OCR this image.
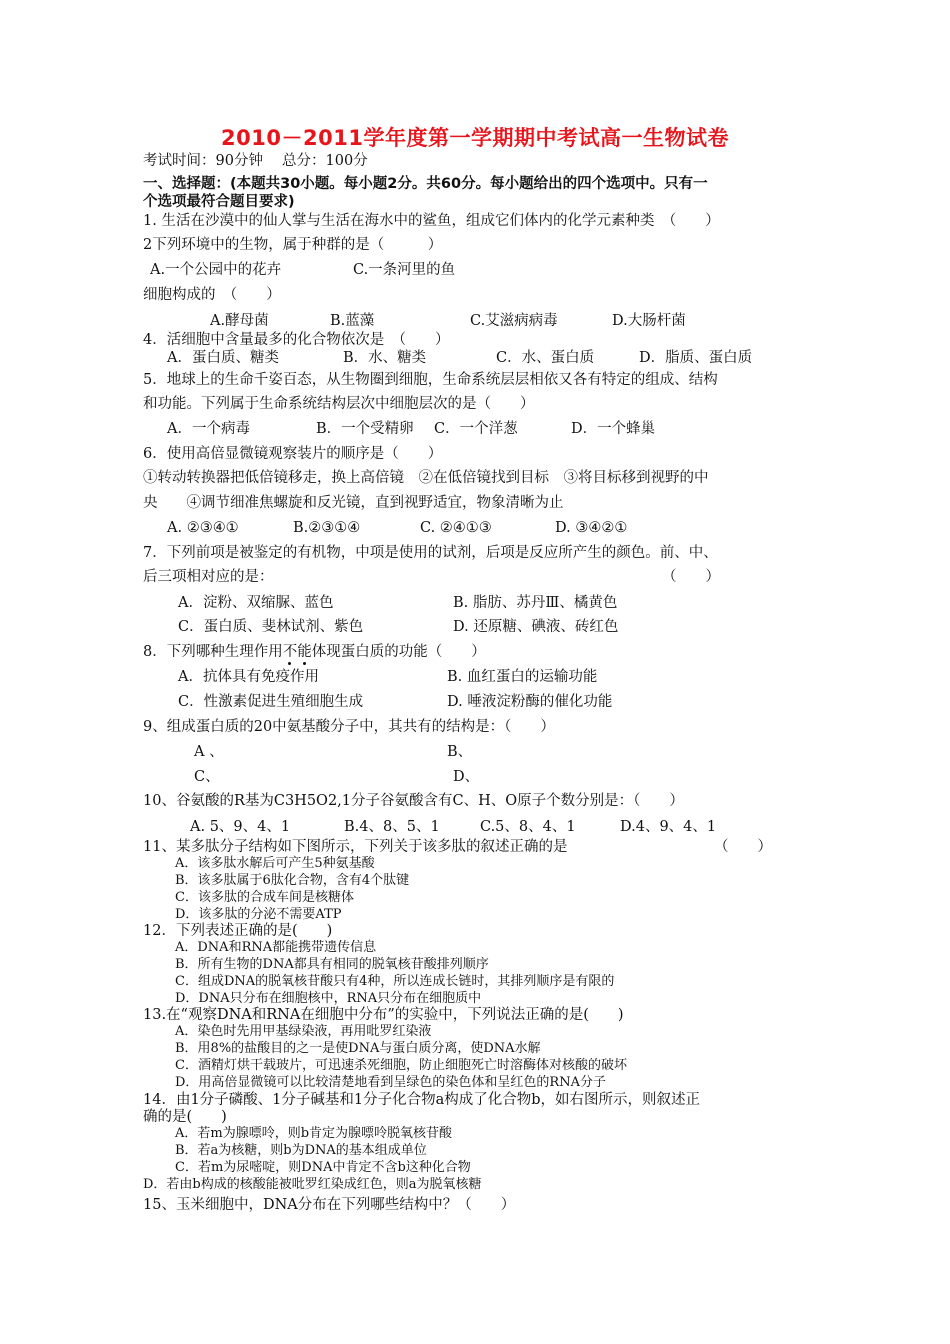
2010－2011学年度第一学期期中考试高一生物试卷
考试时间：90分钟　 总分：100分
一、选择题：(本题共30小题。每小题2分。共60分。每小题给出的四个选项中。只有一
个选项最符合题目要求)
1. 生活在沙漠中的仙人掌与生活在海水中的鲨鱼，组成它们体内的化学元素种类　（　　）
2下列环境中的生物，属于种群的是（　　　）
A.一个公园中的花卉	C.一条河里的鱼
细胞构成的　（　　）
A.酵母菌	B.蓝藻	C.艾滋病病毒	D.大肠杆菌
4．活细胞中含量最多的化合物依次是　（　　）
A．蛋白质、糖类	B．水、糖类	C．水、蛋白质	D．脂质、蛋白质
5．地球上的生命千姿百态，从生物圈到细胞，生命系统层层相依又各有特定的组成、结构
和功能。下列属于生命系统结构层次中细胞层次的是（　　）
A．一个病毒	B．一个受精卵 C．一个洋葱	D．一个蜂巢
6．使用高倍显微镜观察装片的顺序是（　　）
①转动转换器把低倍镜移走，换上高倍镜　②在低倍镜找到目标　③将目标移到视野的中
央　　④调节细准焦螺旋和反光镜，直到视野适宜，物象清晰为止
A. ②③④①	B.②③①④	C. ②④①③	D. ③④②①
7．下列前项是被鉴定的有机物，中项是使用的试剂，后项是反应所产生的颜色。前、中、
后三项相对应的是：	（　　）
A．淀粉、双缩脲、蓝色	B. 脂肪、苏丹Ⅲ、橘黄色
C．蛋白质、斐林试剂、紫色	D. 还原糖、碘液、砖红色
8．下列哪种生理作用不能体现蛋白质的功能（　　）
A．抗体具有免疫作用	B. 血红蛋白的运输功能
C．性激素促进生殖细胞生成	D. 唾液淀粉酶的催化功能
9、组成蛋白质的20中氨基酸分子中，其共有的结构是：（　　）
A 、	B、
C、	D、
10、谷氨酸的R基为C3H5O2,1分子谷氨酸含有C、H、O原子个数分别是：（　　）
A. 5、9、4、1	B.4、8、5、1	C.5、8、4、1	D.4、9、4、1
11、某多肽分子结构如下图所示，下列关于该多肽的叙述正确的是	（　　）
A．该多肽水解后可产生5种氨基酸
B．该多肽属于6肽化合物，含有4个肽键
C．该多肽的合成车间是核糖体
D．该多肽的分泌不需要ATP
12．下列表述正确的是(　　)
A．DNA和RNA都能携带遗传信息
B．所有生物的DNA都具有相同的脱氧核苷酸排列顺序
C．组成DNA的脱氧核苷酸只有4种，所以连成长链时，其排列顺序是有限的
D．DNA只分布在细胞核中，RNA只分布在细胞质中
13.在“观察DNA和RNA在细胞中分布”的实验中，下列说法正确的是(　　)
A．染色时先用甲基绿染液，再用吡罗红染液
B．用8%的盐酸目的之一是使DNA与蛋白质分离，使DNA水解
C．酒精灯烘干载玻片，可迅速杀死细胞，防止细胞死亡时溶酶体对核酸的破坏
D．用高倍显微镜可以比较清楚地看到呈绿色的染色体和呈红色的RNA分子
14．由1分子磷酸、1分子碱基和1分子化合物a构成了化合物b，如右图所示，则叙述正
确的是(　　)
A．若m为腺嘌呤，则b肯定为腺嘌呤脱氧核苷酸
B．若a为核糖，则b为DNA的基本组成单位
C．若m为尿嘧啶，则DNA中肯定不含b这种化合物
D．若由b构成的核酸能被吡罗红染成红色，则a为脱氧核糖
15、玉米细胞中，DNA分布在下列哪些结构中？（　　）
